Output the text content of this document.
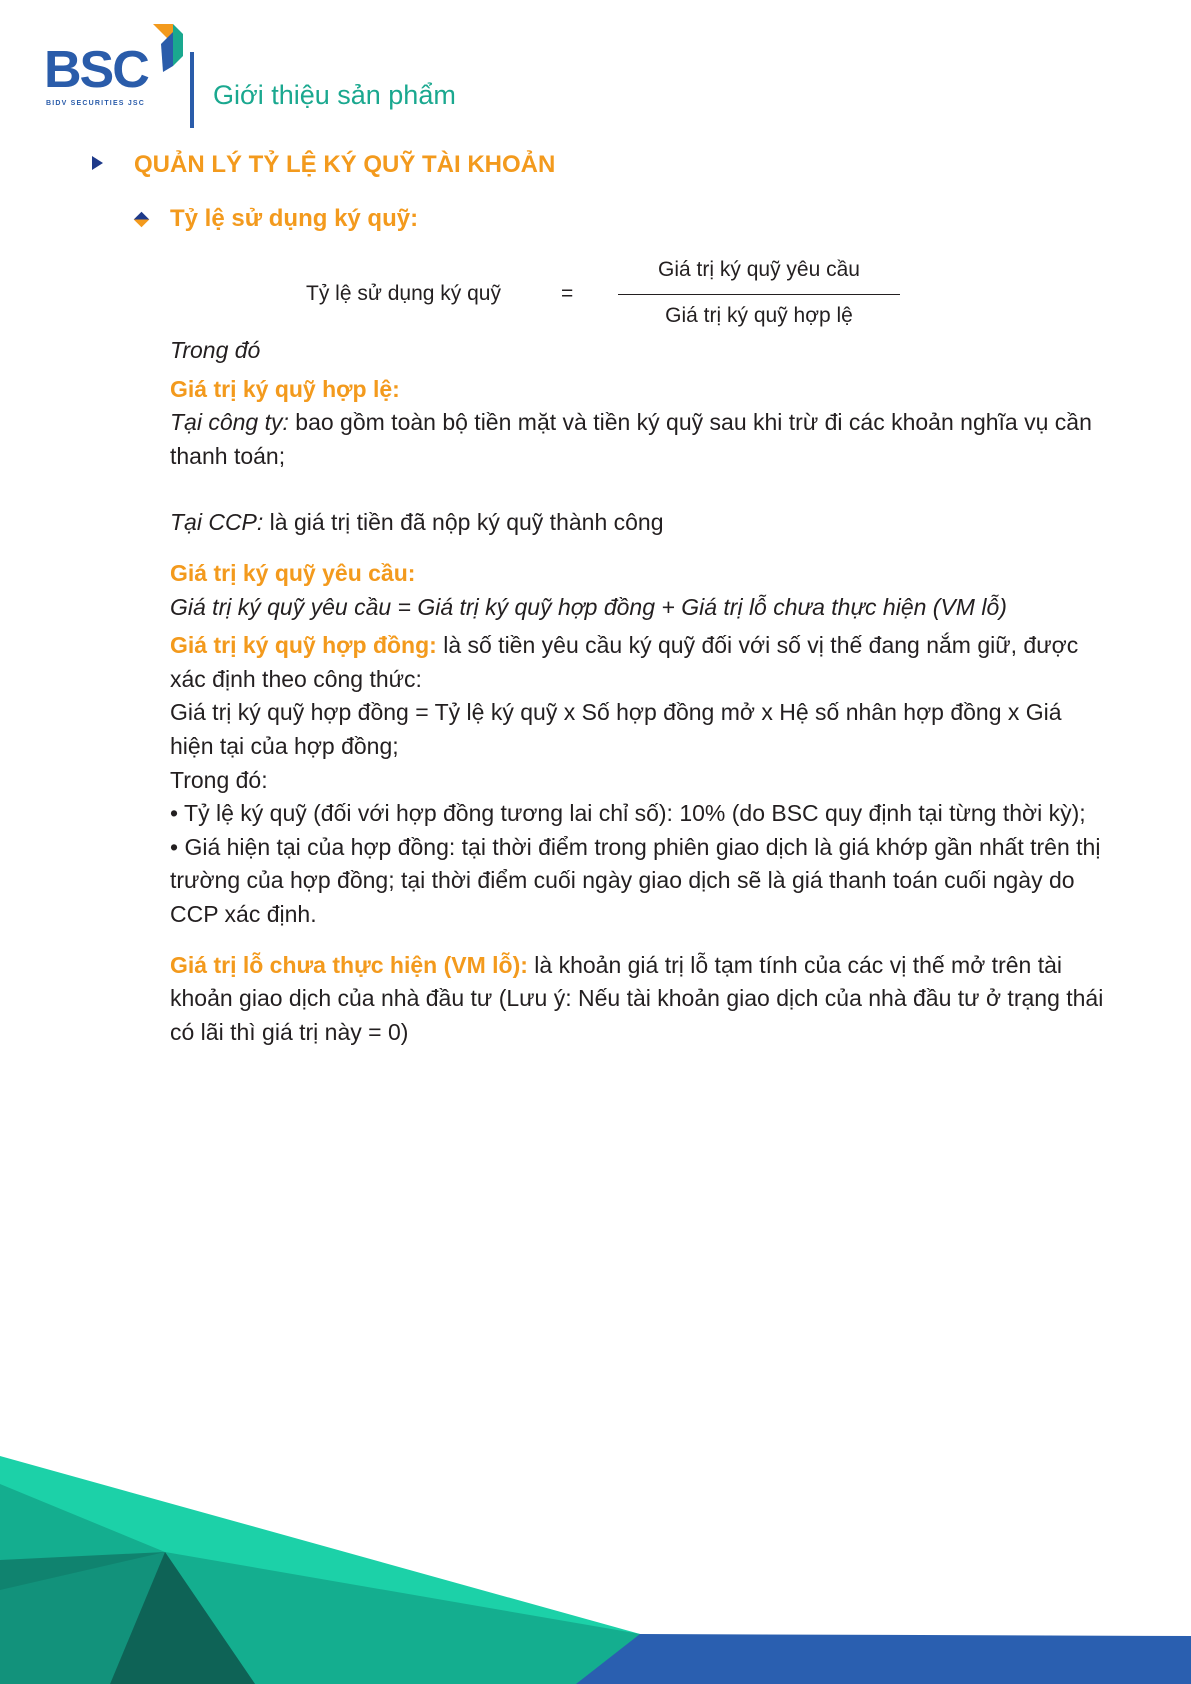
BSC
BIDV SECURITIES JSC	Giới thiệu sản phẩm
QUẢN LÝ TỶ LỆ KÝ QUỸ TÀI KHOẢN
Tỷ lệ sử dụng ký quỹ:
Tỷ lệ sử dụng ký quỹ	=
Giá trị ký quỹ yêu cầu
Giá trị ký quỹ hợp lệ

Trong đó

Giá trị ký quỹ hợp lệ:

Tại công ty: bao gồm toàn bộ tiền mặt và tiền ký quỹ sau khi trừ đi các khoản nghĩa vụ cần thanh toán;

Tại CCP: là giá trị tiền đã nộp ký quỹ thành công

Giá trị ký quỹ yêu cầu:

Giá trị ký quỹ yêu cầu = Giá trị ký quỹ hợp đồng + Giá trị lỗ chưa thực hiện (VM lỗ)

Giá trị ký quỹ hợp đồng: là số tiền yêu cầu ký quỹ đối với số vị thế đang nắm giữ, được xác định theo công thức:

Giá trị ký quỹ hợp đồng = Tỷ lệ ký quỹ x Số hợp đồng mở x Hệ số nhân hợp đồng x Giá hiện tại của hợp đồng;

Trong đó:

• Tỷ lệ ký quỹ (đối với hợp đồng tương lai chỉ số): 10% (do BSC quy định tại từng thời kỳ);

• Giá hiện tại của hợp đồng: tại thời điểm trong phiên giao dịch là giá khớp gần nhất trên thị trường của hợp đồng; tại thời điểm cuối ngày giao dịch sẽ là giá thanh toán cuối ngày do CCP xác định.

Giá trị lỗ chưa thực hiện (VM lỗ): là khoản giá trị lỗ tạm tính của các vị thế mở trên tài khoản giao dịch của nhà đầu tư (Lưu ý: Nếu tài khoản giao dịch của nhà đầu tư ở trạng thái có lãi thì giá trị này = 0)
